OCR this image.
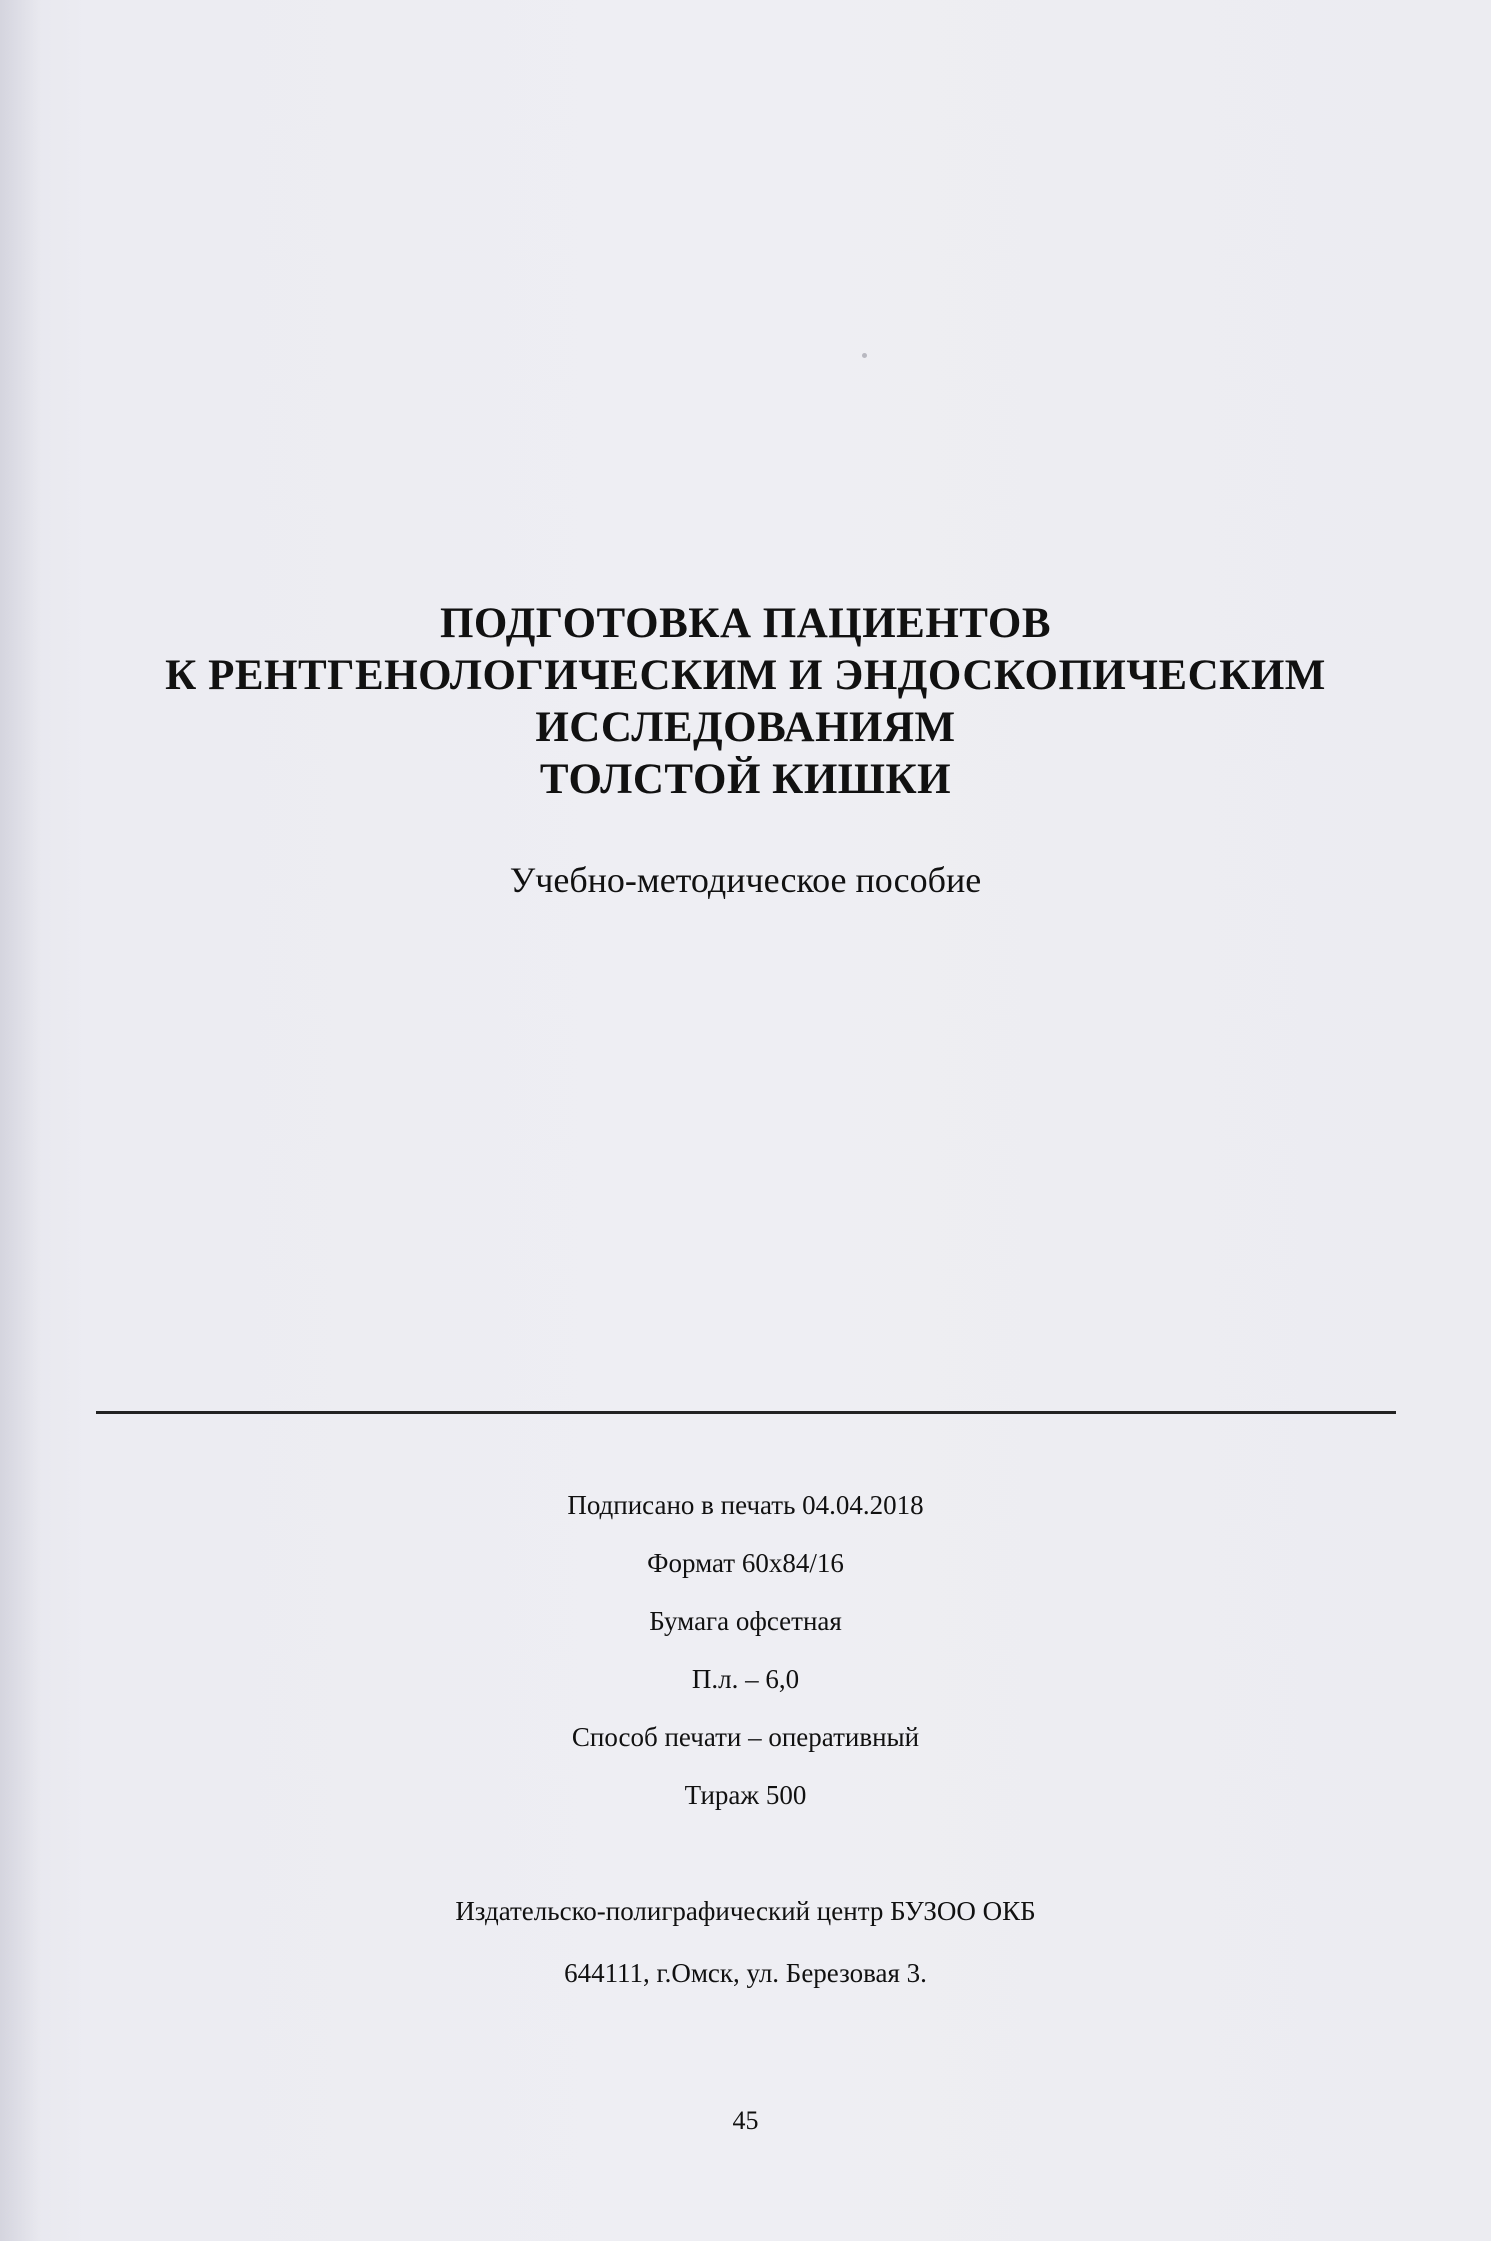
ПОДГОТОВКА ПАЦИЕНТОВ

К РЕНТГЕНОЛОГИЧЕСКИМ И ЭНДОСКОПИЧЕСКИМ

ИССЛЕДОВАНИЯМ

ТОЛСТОЙ КИШКИ

Учебно-методическое пособие

Подписано в печать 04.04.2018

Формат 60х84/16

Бумага офсетная

П.л. – 6,0

Способ печати – оперативный

Тираж 500

Издательско-полиграфический центр БУЗОО ОКБ

644111, г.Омск, ул. Березовая 3.

45
